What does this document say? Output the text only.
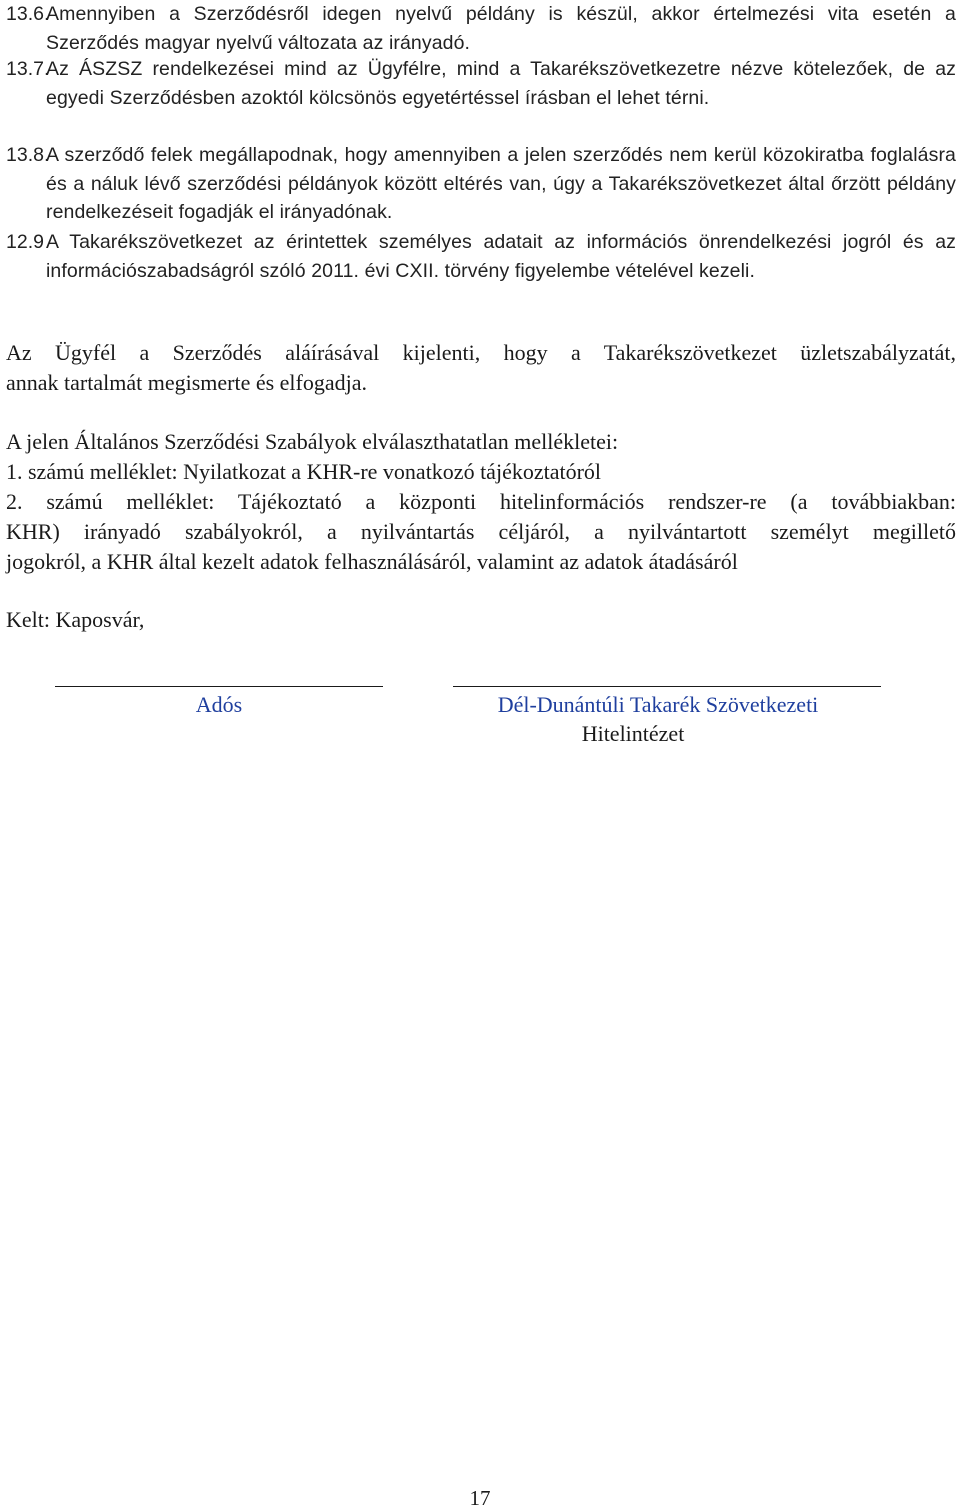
13.6.
Amennyiben a Szerződésről idegen nyelvű példány is készül, akkor értelmezési vita esetén a Szerződés magyar nyelvű változata az irányadó.
13.7.
Az ÁSZSZ rendelkezései mind az Ügyfélre, mind a Takarékszövetkezetre nézve kötelezőek, de az egyedi Szerződésben azoktól kölcsönös egyetértéssel írásban el lehet térni.
13.8.
A szerződő felek megállapodnak, hogy amennyiben a jelen szerződés nem kerül közokiratba foglalásra és a náluk lévő szerződési példányok között eltérés van, úgy a Takarékszövetkezet által őrzött példány rendelkezéseit fogadják el irányadónak.
12.9 A Takarékszövetkezet az érintettek személyes adatait az információs önrendelkezési jogról és az információszabadságról szóló 2011. évi CXII. törvény figyelembe vételével kezeli.
Az Ügyfél a Szerződés aláírásával kijelenti, hogy a Takarékszövetkezet üzletszabályzatát,
annak tartalmát megismerte és elfogadja.
A jelen Általános Szerződési Szabályok elválaszthatatlan mellékletei:
1. számú melléklet: Nyilatkozat a KHR-re vonatkozó tájékoztatóról
2. számú melléklet: Tájékoztató a központi hitelinformációs rendszer-re (a továbbiakban:
KHR) irányadó szabályokról, a nyilvántartás céljáról, a nyilvántartott személyt megillető
jogokról, a KHR által kezelt adatok felhasználásáról, valamint az adatok átadásáról
Kelt: Kaposvár,
Adós	Dél-Dunántúli Takarék Szövetkezeti
Hitelintézet
17
